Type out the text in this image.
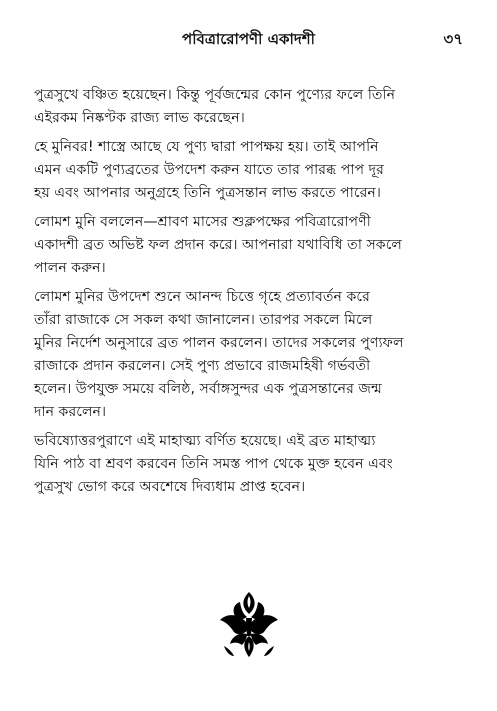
পবিত্রারোপণী একাদশী	৩৭

পুত্রসুখে বঞ্চিত হয়েছেন। কিন্তু পূর্বজন্মের কোন পুণ্যের ফলে তিনি
এইরকম নিষ্কণ্টক রাজ্য লাভ করেছেন।

হে মুনিবর! শাস্ত্রে আছে যে পুণ্য দ্বারা পাপক্ষয় হয়। তাই আপনি
এমন একটি পুণ্যব্রতের উপদেশ করুন যাতে তার পারব্ধ পাপ দূর
হয় এবং আপনার অনুগ্রহে তিনি পুত্রসন্তান লাভ করতে পারেন।

লোমশ মুনি বললেন—শ্রাবণ মাসের শুক্লপক্ষের পবিত্রারোপণী
একাদশী ব্রত অভিষ্ট ফল প্রদান করে। আপনারা যথাবিধি তা সকলে
পালন করুন।

লোমশ মুনির উপদেশ শুনে আনন্দ চিত্তে গৃহে প্রত্যাবর্তন করে
তাঁরা রাজাকে সে সকল কথা জানালেন। তারপর সকলে মিলে
মুনির নির্দেশ অনুসারে ব্রত পালন করলেন। তাদের সকলের পুণ্যফল
রাজাকে প্রদান করলেন। সেই পুণ্য প্রভাবে রাজমহিষী গর্ভবতী
হলেন। উপযুক্ত সময়ে বলিষ্ঠ, সর্বাঙ্গসুন্দর এক পুত্রসন্তানের জন্ম
দান করলেন।

ভবিষ্যোত্তরপুরাণে এই মাহাত্ম্য বর্ণিত হয়েছে। এই ব্রত মাহাত্ম্য
যিনি পাঠ বা শ্রবণ করবেন তিনি সমস্ত পাপ থেকে মুক্ত হবেন এবং
পুত্রসুখ ভোগ করে অবশেষে দিব্যধাম প্রাপ্ত হবেন।
